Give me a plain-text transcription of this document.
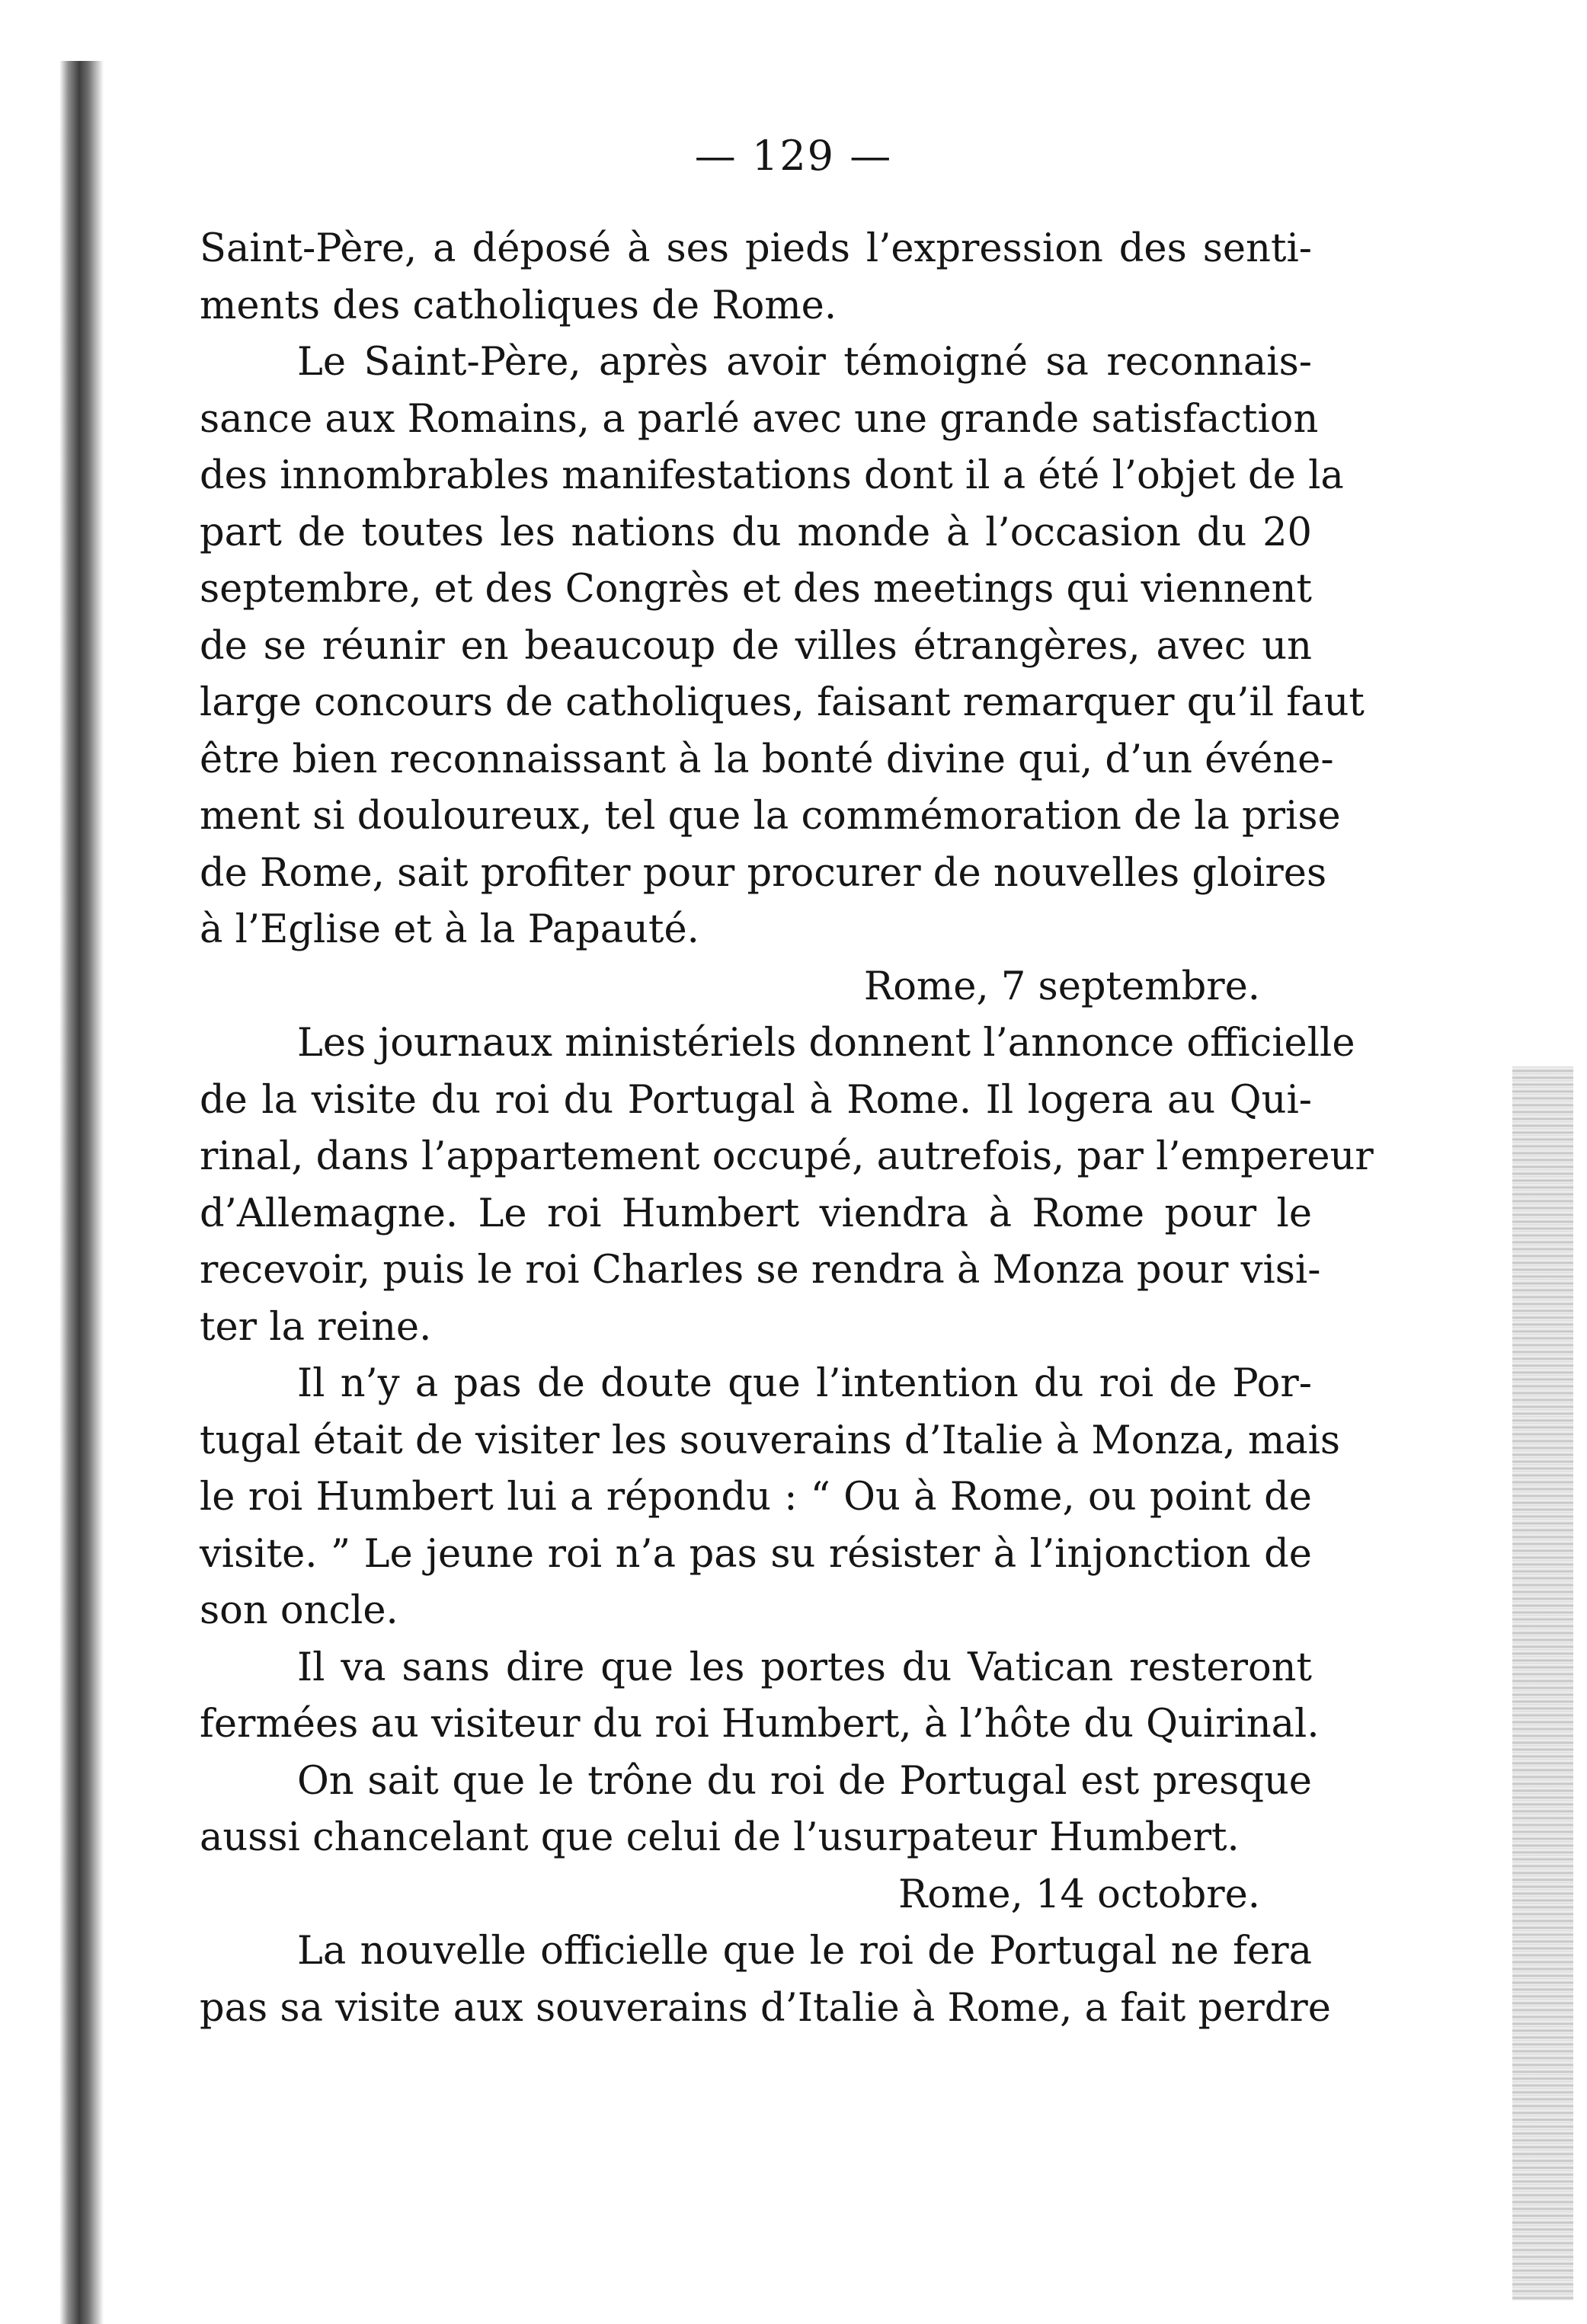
— 129 —
Saint-Père, a déposé à ses pieds l’expression des senti-
ments des catholiques de Rome.
Le Saint-Père, après avoir témoigné sa reconnais-
sance aux Romains, a parlé avec une grande satisfaction
des innombrables manifestations dont il a été l’objet de la
part de toutes les nations du monde à l’occasion du 20
septembre, et des Congrès et des meetings qui viennent
de se réunir en beaucoup de villes étrangères, avec un
large concours de catholiques, faisant remarquer qu’il faut
être bien reconnaissant à la bonté divine qui, d’un événe-
ment si douloureux, tel que la commémoration de la prise
de Rome, sait profiter pour procurer de nouvelles gloires
à l’Eglise et à la Papauté.
Rome, 7 septembre.
Les journaux ministériels donnent l’annonce officielle
de la visite du roi du Portugal à Rome. Il logera au Qui-
rinal, dans l’appartement occupé, autrefois, par l’empereur
d’Allemagne. Le roi Humbert viendra à Rome pour le
recevoir, puis le roi Charles se rendra à Monza pour visi-
ter la reine.
Il n’y a pas de doute que l’intention du roi de Por-
tugal était de visiter les souverains d’Italie à Monza, mais
le roi Humbert lui a répondu : “ Ou à Rome, ou point de
visite. ” Le jeune roi n’a pas su résister à l’injonction de
son oncle.
Il va sans dire que les portes du Vatican resteront
fermées au visiteur du roi Humbert, à l’hôte du Quirinal.
On sait que le trône du roi de Portugal est presque
aussi chancelant que celui de l’usurpateur Humbert.
Rome, 14 octobre.
La nouvelle officielle que le roi de Portugal ne fera
pas sa visite aux souverains d’Italie à Rome, a fait perdre
